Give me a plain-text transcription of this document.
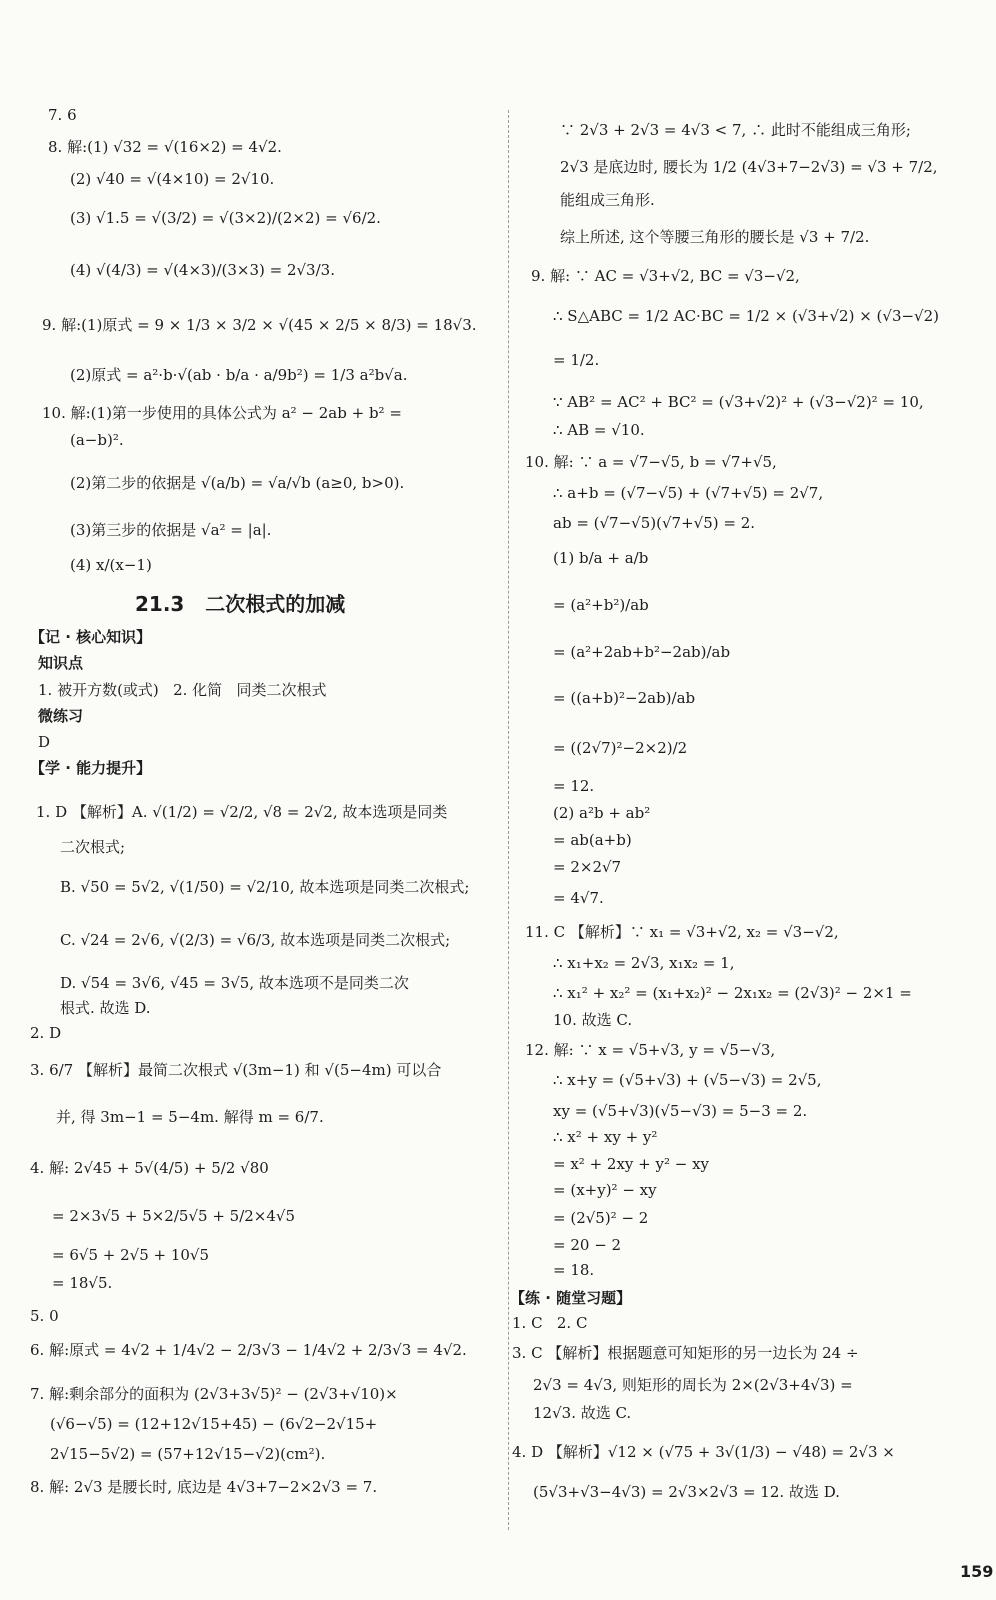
7. 6
8. 解:(1) √32 = √(16×2) = 4√2.
(2) √40 = √(4×10) = 2√10.
(3) √1.5 = √(3/2) = √(3×2)/(2×2) = √6/2.
(4) √(4/3) = √(4×3)/(3×3) = 2√3/3.
9. 解:(1)原式 = 9 × 1/3 × 3/2 × √(45 × 2/5 × 8/3) = 18√3.
(2)原式 = a²·b·√(ab · b/a · a/9b²) = 1/3 a²b√a.
10. 解:(1)第一步使用的具体公式为 a² − 2ab + b² =
(a−b)².
(2)第二步的依据是 √(a/b) = √a/√b (a≥0, b>0).
(3)第三步的依据是 √a² = |a|.
(4) x/(x−1)
21.3   二次根式的加减
【记 · 核心知识】
知识点
1. 被开方数(或式)   2. 化简   同类二次根式
微练习
D
【学 · 能力提升】
1. D 【解析】A. √(1/2) = √2/2, √8 = 2√2, 故本选项是同类
二次根式;
B. √50 = 5√2, √(1/50) = √2/10, 故本选项是同类二次根式;
C. √24 = 2√6, √(2/3) = √6/3, 故本选项是同类二次根式;
D. √54 = 3√6, √45 = 3√5, 故本选项不是同类二次
根式. 故选 D.
2. D
3. 6/7 【解析】最简二次根式 √(3m−1) 和 √(5−4m) 可以合
并, 得 3m−1 = 5−4m. 解得 m = 6/7.
4. 解: 2√45 + 5√(4/5) + 5/2 √80
= 2×3√5 + 5×2/5√5 + 5/2×4√5
= 6√5 + 2√5 + 10√5
= 18√5.
5. 0
6. 解:原式 = 4√2 + 1/4√2 − 2/3√3 − 1/4√2 + 2/3√3 = 4√2.
7. 解:剩余部分的面积为 (2√3+3√5)² − (2√3+√10)×
(√6−√5) = (12+12√15+45) − (6√2−2√15+
2√15−5√2) = (57+12√15−√2)(cm²).
8. 解: 2√3 是腰长时, 底边是 4√3+7−2×2√3 = 7.
∵ 2√3 + 2√3 = 4√3 < 7, ∴ 此时不能组成三角形;
2√3 是底边时, 腰长为 1/2 (4√3+7−2√3) = √3 + 7/2,
能组成三角形.
综上所述, 这个等腰三角形的腰长是 √3 + 7/2.
9. 解: ∵ AC = √3+√2, BC = √3−√2,
∴ S△ABC = 1/2 AC·BC = 1/2 × (√3+√2) × (√3−√2)
= 1/2.
∵ AB² = AC² + BC² = (√3+√2)² + (√3−√2)² = 10,
∴ AB = √10.
10. 解: ∵ a = √7−√5, b = √7+√5,
∴ a+b = (√7−√5) + (√7+√5) = 2√7,
ab = (√7−√5)(√7+√5) = 2.
(1) b/a + a/b
= (a²+b²)/ab
= (a²+2ab+b²−2ab)/ab
= ((a+b)²−2ab)/ab
= ((2√7)²−2×2)/2
= 12.
(2) a²b + ab²
= ab(a+b)
= 2×2√7
= 4√7.
11. C 【解析】∵ x₁ = √3+√2, x₂ = √3−√2,
∴ x₁+x₂ = 2√3, x₁x₂ = 1,
∴ x₁² + x₂² = (x₁+x₂)² − 2x₁x₂ = (2√3)² − 2×1 =
10. 故选 C.
12. 解: ∵ x = √5+√3, y = √5−√3,
∴ x+y = (√5+√3) + (√5−√3) = 2√5,
xy = (√5+√3)(√5−√3) = 5−3 = 2.
∴ x² + xy + y²
= x² + 2xy + y² − xy
= (x+y)² − xy
= (2√5)² − 2
= 20 − 2
= 18.
【练 · 随堂习题】
1. C   2. C
3. C 【解析】根据题意可知矩形的另一边长为 24 ÷
2√3 = 4√3, 则矩形的周长为 2×(2√3+4√3) =
12√3. 故选 C.
4. D 【解析】√12 × (√75 + 3√(1/3) − √48) = 2√3 ×
(5√3+√3−4√3) = 2√3×2√3 = 12. 故选 D.
159
